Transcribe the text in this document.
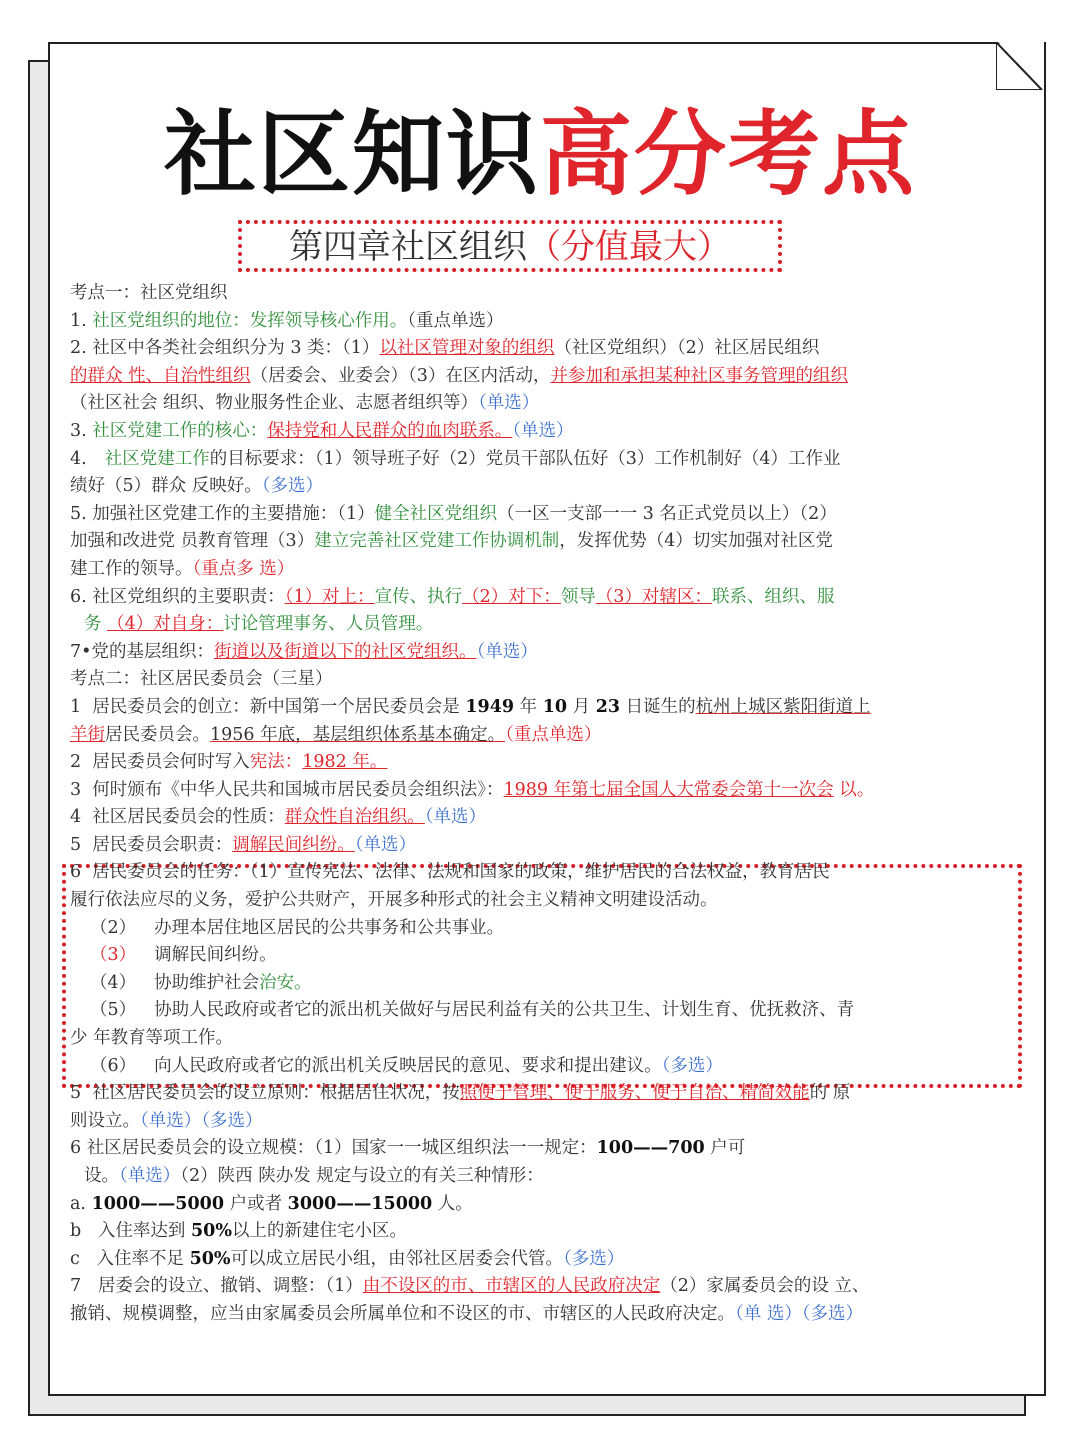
社区知识高分考点
第四章社区组织（分值最大）

考点一：社区党组织

1. 社区党组织的地位：发挥领导核心作用。（重点单选）

2. 社区中各类社会组织分为 3 类：（1）以社区管理对象的组织（社区党组织）（2）社区居民组织
的群众 性、自治性组织（居委会、业委会）（3）在区内活动，并参加和承担某种社区事务管理的组织
（社区社会 组织、物业服务性企业、志愿者组织等）（单选）

3. 社区党建工作的核心：保持党和人民群众的血肉联系。（单选）

4. 社区党建工作的目标要求：（1）领导班子好（2）党员干部队伍好（3）工作机制好（4）工作业
绩好（5）群众 反映好。（多选）

5. 加强社区党建工作的主要措施：（1）健全社区党组织（一区一支部一一 3 名正式党员以上）（2）
加强和改进党 员教育管理（3）建立完善社区党建工作协调机制，发挥优势（4）切实加强对社区党
建工作的领导。（重点多 选）

6. 社区党组织的主要职责：（1）对上：宣传、执行（2）对下：领导（3）对辖区：联系、组织、服
务 （4）对自身：讨论管理事务、人员管理。

7•党的基层组织：街道以及街道以下的社区党组织。（单选）

考点二：社区居民委员会（三星）

1 居民委员会的创立：新中国第一个居民委员会是 1949 年 10 月 23 日诞生的杭州上城区紫阳街道上
羊街居民委员会。1956 年底，基层组织体系基本确定。（重点单选）

2 居民委员会何时写入宪法：1982 年。

3 何时颁布《中华人民共和国城市居民委员会组织法》：1989 年第七届全国人大常委会第十一次会 以。

4 社区居民委员会的性质：群众性自治组织。（单选）

5 居民委员会职责：调解民间纠纷。（单选）

6 居民委员会的任务：（1）宣传宪法、法律、法规和国家的政策，维护居民的合法权益，教育居民
履行依法应尽的义务，爱护公共财产，开展多种形式的社会主义精神文明建设活动。
（2） 办理本居住地区居民的公共事务和公共事业。
（3） 调解民间纠纷。
（4） 协助维护社会治安。
（5） 协助人民政府或者它的派出机关做好与居民利益有关的公共卫生、计划生育、优抚救济、青
少 年教育等项工作。
（6） 向人民政府或者它的派出机关反映居民的意见、要求和提出建议。（多选）

5 社区居民委员会的设立原则：根据居住状况，按照便于管理、便于服务、便于自治、精简效能的 原
则设立。（单选）（多选）

6 社区居民委员会的设立规模：（1）国家一一城区组织法一一规定：100——700 户可
设。（单选）（2）陕西 陕办发 规定与设立的有关三种情形：

a. 1000——5000 户或者 3000——15000 人。

b 入住率达到 50%以上的新建住宅小区。

c 入住率不足 50%可以成立居民小组，由邻社区居委会代管。（多选）

7 居委会的设立、撤销、调整：（1）由不设区的市、市辖区的人民政府决定（2）家属委员会的设 立、
撤销、规模调整，应当由家属委员会所属单位和不设区的市、市辖区的人民政府决定。（单 选）（多选）
